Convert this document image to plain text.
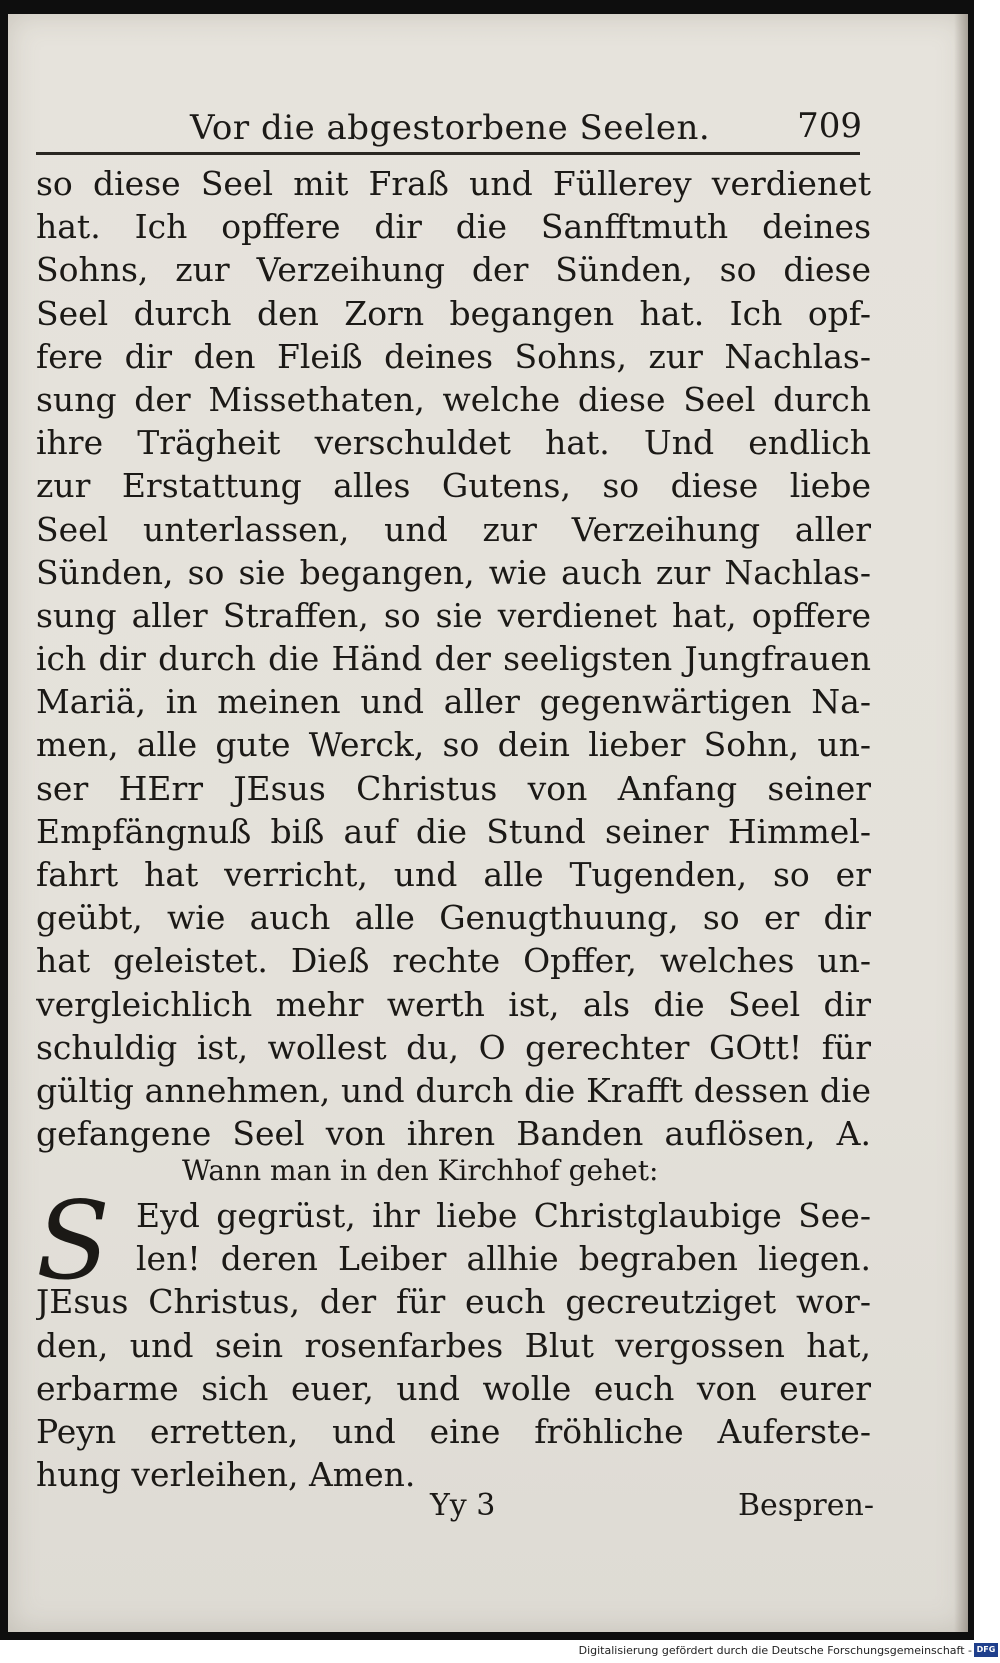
Vor die abgestorbene Seelen.	709
so diese Seel mit Fraß und Füllerey verdienet
hat. Ich opffere dir die Sanfftmuth deines
Sohns, zur Verzeihung der Sünden, so diese
Seel durch den Zorn begangen hat. Ich opf-
fere dir den Fleiß deines Sohns, zur Nachlas-
sung der Missethaten, welche diese Seel durch
ihre Trägheit verschuldet hat. Und endlich
zur Erstattung alles Gutens, so diese liebe
Seel unterlassen, und zur Verzeihung aller
Sünden, so sie begangen, wie auch zur Nachlas-
sung aller Straffen, so sie verdienet hat, opffere
ich dir durch die Händ der seeligsten Jungfrauen
Mariä, in meinen und aller gegenwärtigen Na-
men, alle gute Werck, so dein lieber Sohn, un-
ser HErr JEsus Christus von Anfang seiner
Empfängnuß biß auf die Stund seiner Himmel-
fahrt hat verricht, und alle Tugenden, so er
geübt, wie auch alle Genugthuung, so er dir
hat geleistet. Dieß rechte Opffer, welches un-
vergleichlich mehr werth ist, als die Seel dir
schuldig ist, wollest du, O gerechter GOtt! für
gültig annehmen, und durch die Krafft dessen die
gefangene Seel von ihren Banden auflösen, A.
Wann man in den Kirchhof gehet:
S Eyd gegrüst, ihr liebe Christglaubige See-
len! deren Leiber allhie begraben liegen.
JEsus Christus, der für euch gecreutziget wor-
den, und sein rosenfarbes Blut vergossen hat,
erbarme sich euer, und wolle euch von eurer
Peyn erretten, und eine fröhliche Auferste-
hung verleihen, Amen.
Yy 3	Bespren-
Digitalisierung gefördert durch die Deutsche Forschungsgemeinschaft - DFG
